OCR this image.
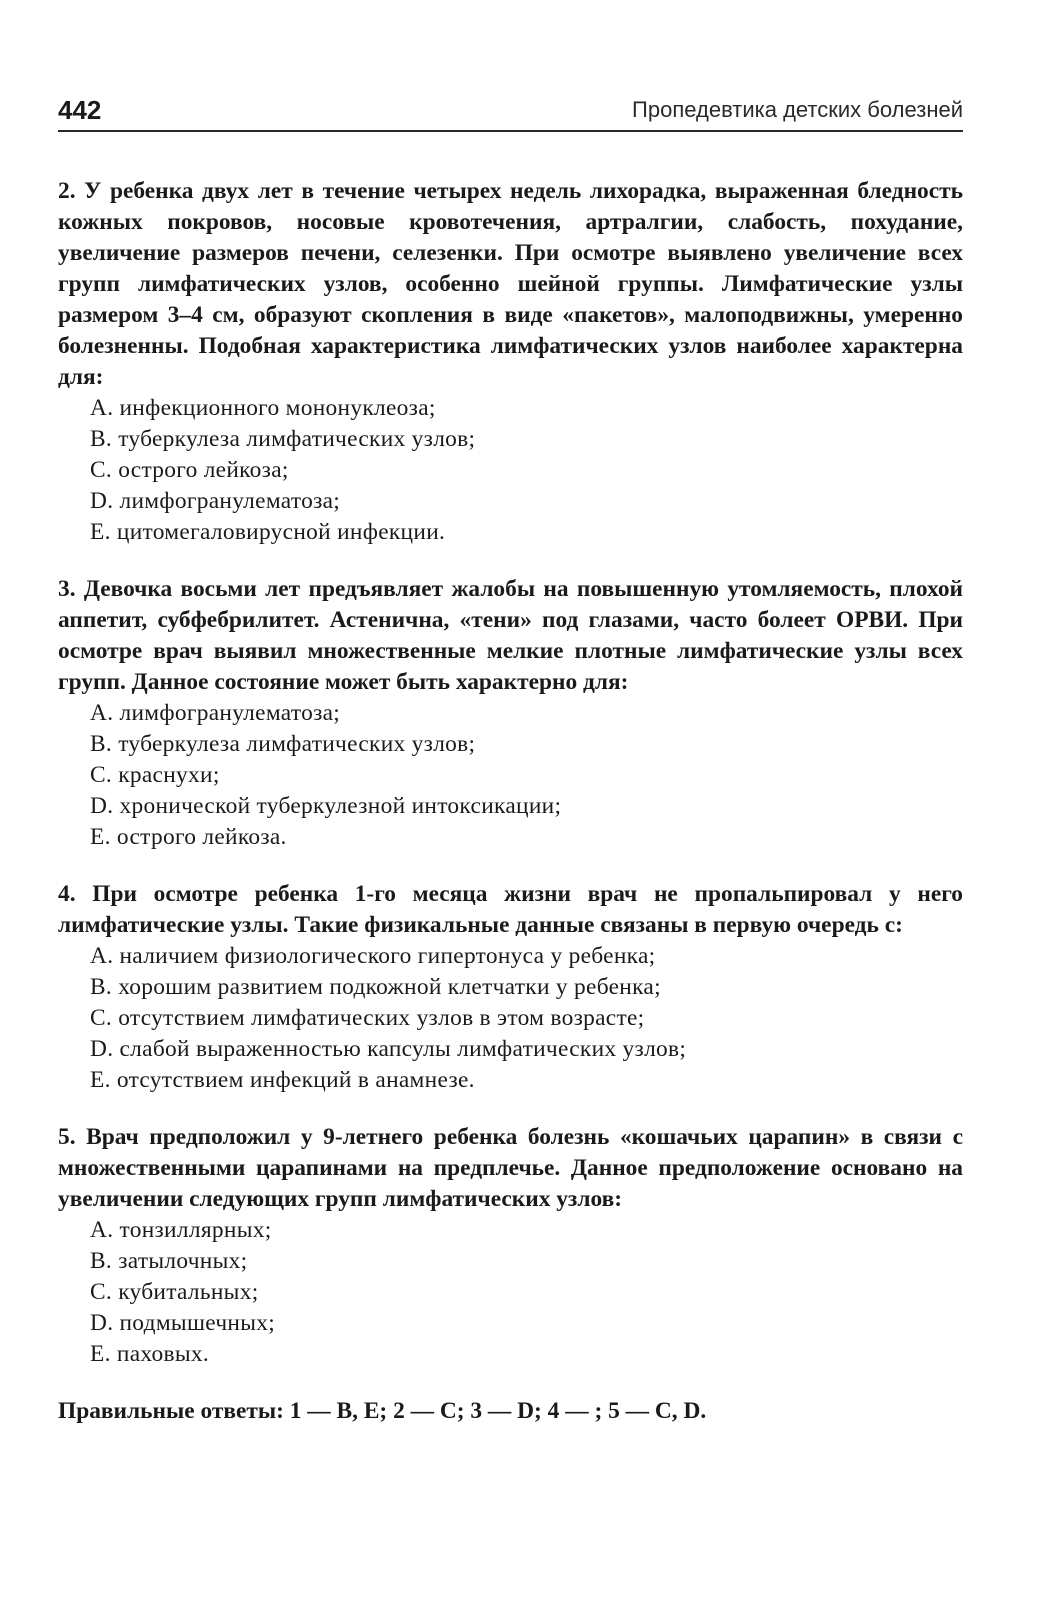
442	Пропедевтика детских болезней

2. У ребенка двух лет в течение четырех недель лихорадка, выраженная бледность кожных покровов, носовые кровотечения, артралгии, слабость, похудание, увеличение размеров печени, селезенки. При осмотре выявлено увеличение всех групп лимфатических узлов, особенно шейной группы. Лимфатические узлы размером 3–4 см, образуют скопления в виде «пакетов», малоподвижны, умеренно болезненны. Подобная характеристика лимфатических узлов наиболее характерна для:

A. инфекционного мононуклеоза;
B. туберкулеза лимфатических узлов;
C. острого лейкоза;
D. лимфогранулематоза;
E. цитомегаловирусной инфекции.

3. Девочка восьми лет предъявляет жалобы на повышенную утомляемость, плохой аппетит, субфебрилитет. Астенична, «тени» под глазами, часто болеет ОРВИ. При осмотре врач выявил множественные мелкие плотные лимфатические узлы всех групп. Данное состояние может быть характерно для:

A. лимфогранулематоза;
B. туберкулеза лимфатических узлов;
C. краснухи;
D. хронической туберкулезной интоксикации;
E. острого лейкоза.

4. При осмотре ребенка 1-го месяца жизни врач не пропальпировал у него лимфатические узлы. Такие физикальные данные связаны в первую очередь с:

A. наличием физиологического гипертонуса у ребенка;
B. хорошим развитием подкожной клетчатки у ребенка;
C. отсутствием лимфатических узлов в этом возрасте;
D. слабой выраженностью капсулы лимфатических узлов;
E. отсутствием инфекций в анамнезе.

5. Врач предположил у 9-летнего ребенка болезнь «кошачьих царапин» в связи с множественными царапинами на предплечье. Данное предположение основано на увеличении следующих групп лимфатических узлов:

A. тонзиллярных;
B. затылочных;
C. кубитальных;
D. подмышечных;
E. паховых.

Правильные ответы: 1 — B, E; 2 — C; 3 — D; 4 — ; 5 — C, D.
